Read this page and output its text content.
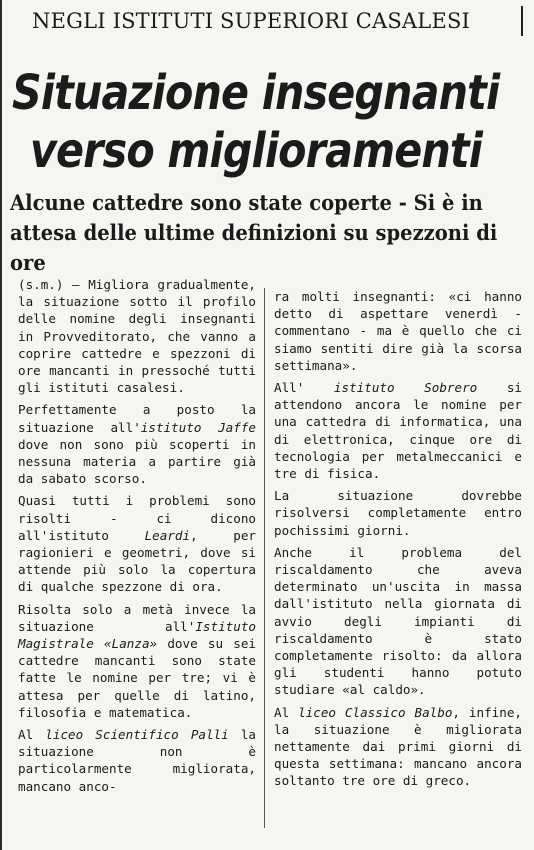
NEGLI ISTITUTI SUPERIORI CASALESI
Situazione insegnanti
verso miglioramenti
Alcune cattedre sono state coperte - Si è in attesa delle ultime definizioni su spezzoni di ore

(s.m.) — Migliora gradualmente, la situazione sotto il profilo delle nomine degli insegnanti in Provveditorato, che vanno a coprire cattedre e spezzoni di ore mancanti in pressoché tutti gli istituti casalesi.

Perfettamente a posto la situazione all'istituto Jaffe dove non sono più scoperti in nessuna materia a partire già da sabato scorso.

Quasi tutti i problemi sono risolti - ci dicono all'istituto Leardi, per ragionieri e geometri, dove si attende più solo la copertura di qualche spezzone di ora.

Risolta solo a metà invece la situazione all'Istituto Magistrale «Lanza» dove su sei cattedre mancanti sono state fatte le nomine per tre; vi è attesa per quelle di latino, filosofia e matematica.

Al liceo Scientifico Palli la situazione non è particolarmente migliorata, mancano anco-

ra molti insegnanti: «ci hanno detto di aspettare venerdì - commentano - ma è quello che ci siamo sentiti dire già la scorsa settimana».

All' istituto Sobrero si attendono ancora le nomine per una cattedra di informatica, una di elettronica, cinque ore di tecnologia per metalmeccanici e tre di fisica.

La situazione dovrebbe risolversi completamente entro pochissimi giorni.

Anche il problema del riscaldamento che aveva determinato un'uscita in massa dall'istituto nella giornata di avvio degli impianti di riscaldamento è stato completamente risolto: da allora gli studenti hanno potuto studiare «al caldo».

Al liceo Classico Balbo, infine, la situazione è migliorata nettamente dai primi giorni di questa settimana: mancano ancora soltanto tre ore di greco.
